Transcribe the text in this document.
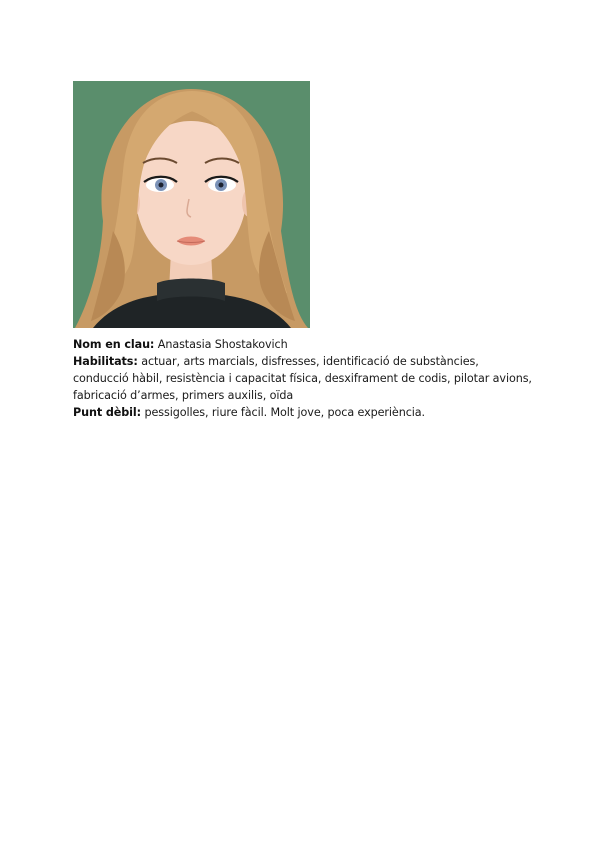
Nom en clau: Anastasia Shostakovich

Habilitats: actuar, arts marcials, disfresses, identificació de substàncies, conducció hàbil, resistència i capacitat física, desxiframent de codis, pilotar avions, fabricació d’armes, primers auxilis, oïda

Punt dèbil: pessigolles, riure fàcil. Molt jove, poca experiència.
